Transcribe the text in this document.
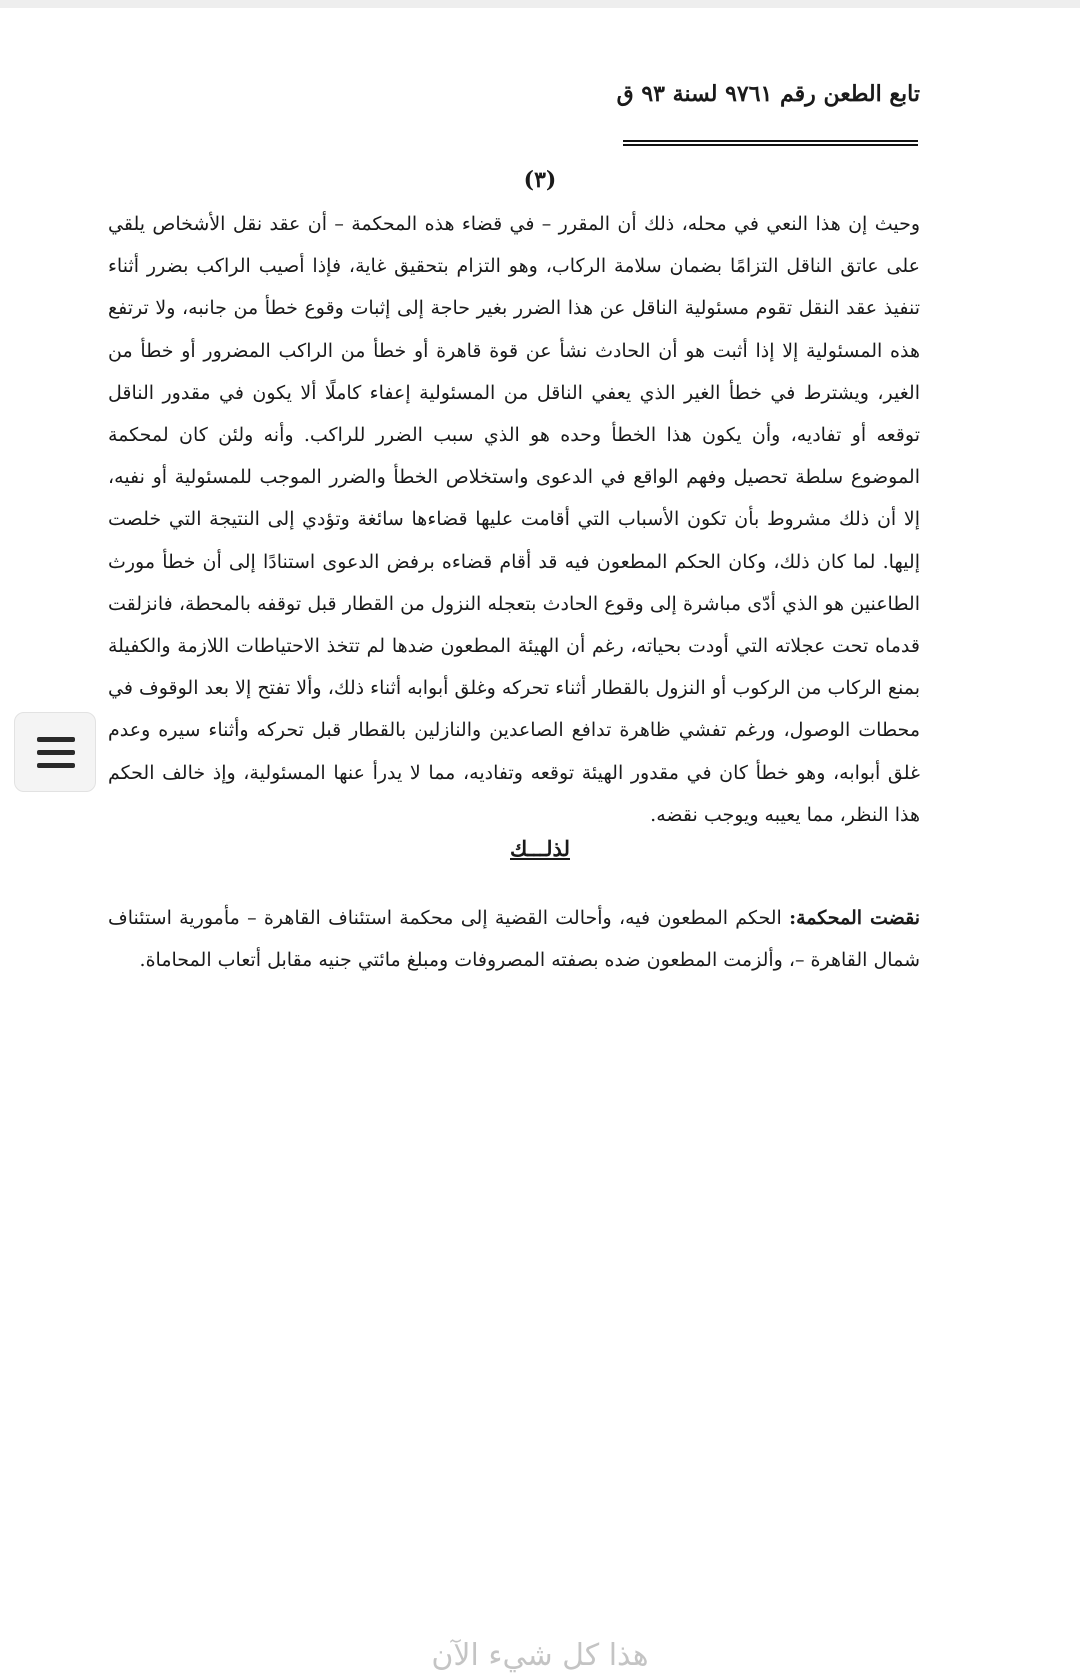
تابع الطعن رقم ٩٧٦١ لسنة ٩٣ ق
(٣)
وحيث إن هذا النعي في محله، ذلك أن المقرر – في قضاء هذه المحكمة – أن عقد نقل الأشخاص يلقي على عاتق الناقل التزامًا بضمان سلامة الركاب، وهو التزام بتحقيق غاية، فإذا أصيب الراكب بضرر أثناء تنفيذ عقد النقل تقوم مسئولية الناقل عن هذا الضرر بغير حاجة إلى إثبات وقوع خطأ من جانبه، ولا ترتفع هذه المسئولية إلا إذا أثبت هو أن الحادث نشأ عن قوة قاهرة أو خطأ من الراكب المضرور أو خطأ من الغير، ويشترط في خطأ الغير الذي يعفي الناقل من المسئولية إعفاء كاملًا ألا يكون في مقدور الناقل توقعه أو تفاديه، وأن يكون هذا الخطأ وحده هو الذي سبب الضرر للراكب. وأنه ولئن كان لمحكمة الموضوع سلطة تحصيل وفهم الواقع في الدعوى واستخلاص الخطأ والضرر الموجب للمسئولية أو نفيه، إلا أن ذلك مشروط بأن تكون الأسباب التي أقامت عليها قضاءها سائغة وتؤدي إلى النتيجة التي خلصت إليها. لما كان ذلك، وكان الحكم المطعون فيه قد أقام قضاءه برفض الدعوى استنادًا إلى أن خطأ مورث الطاعنين هو الذي أدّى مباشرة إلى وقوع الحادث بتعجله النزول من القطار قبل توقفه بالمحطة، فانزلقت قدماه تحت عجلاته التي أودت بحياته، رغم أن الهيئة المطعون ضدها لم تتخذ الاحتياطات اللازمة والكفيلة بمنع الركاب من الركوب أو النزول بالقطار أثناء تحركه وغلق أبوابه أثناء ذلك، وألا تفتح إلا بعد الوقوف في محطات الوصول، ورغم تفشي ظاهرة تدافع الصاعدين والنازلين بالقطار قبل تحركه وأثناء سيره وعدم غلق أبوابه، وهو خطأ كان في مقدور الهيئة توقعه وتفاديه، مما لا يدرأ عنها المسئولية، وإذ خالف الحكم هذا النظر، مما يعيبه ويوجب نقضه.
لذلـــك
نقضت المحكمة: الحكم المطعون فيه، وأحالت القضية إلى محكمة استئناف القاهرة – مأمورية استئناف شمال القاهرة –، وألزمت المطعون ضده بصفته المصروفات ومبلغ مائتي جنيه مقابل أتعاب المحاماة.
هذا كل شيء الآن
